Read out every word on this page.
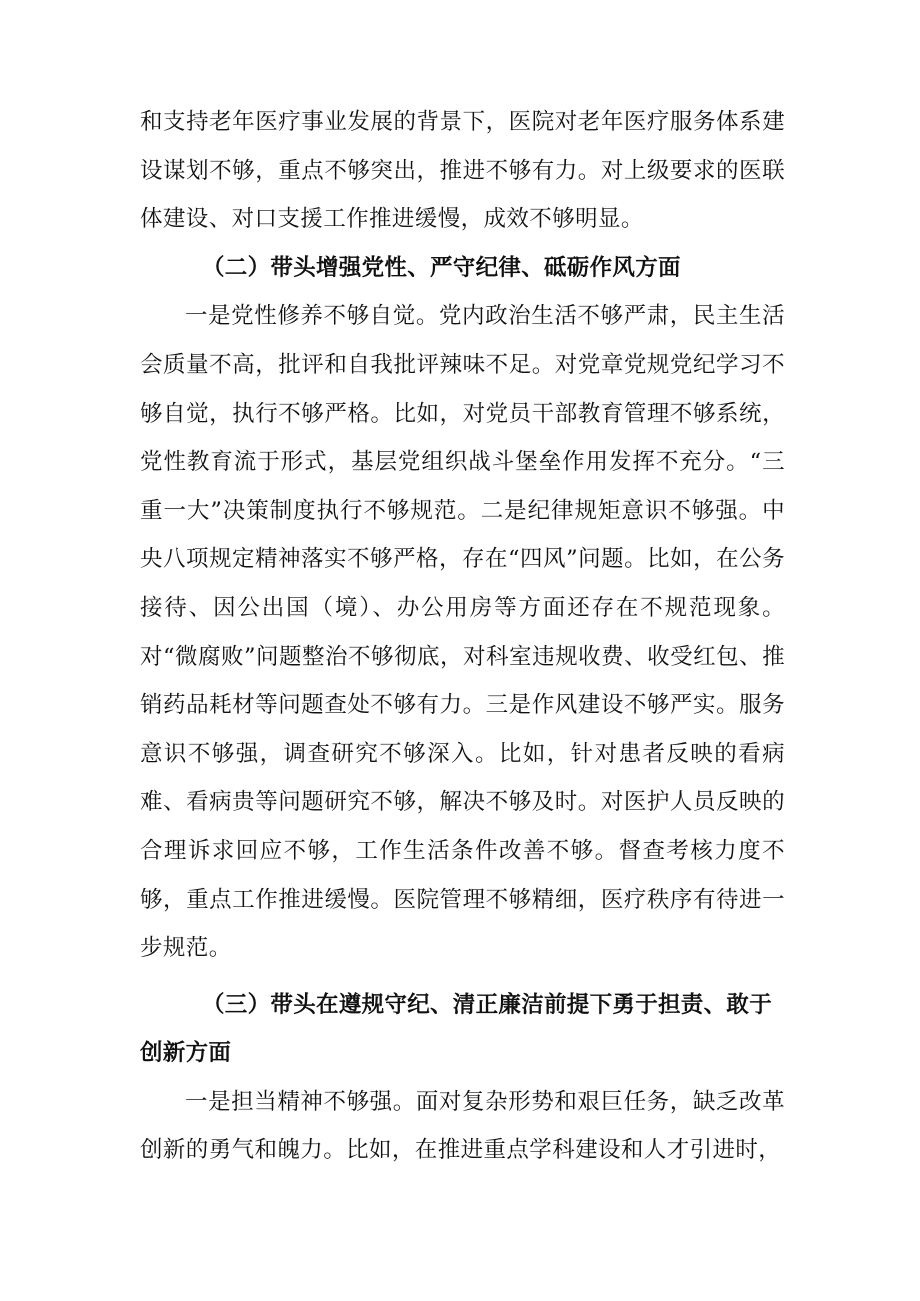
和支持老年医疗事业发展的背景下，医院对老年医疗服务体系建设谋划不够，重点不够突出，推进不够有力。对上级要求的医联体建设、对口支援工作推进缓慢，成效不够明显。

（二）带头增强党性、严守纪律、砥砺作风方面

一是党性修养不够自觉。党内政治生活不够严肃，民主生活会质量不高，批评和自我批评辣味不足。对党章党规党纪学习不够自觉，执行不够严格。比如，对党员干部教育管理不够系统，党性教育流于形式，基层党组织战斗堡垒作用发挥不充分。“三重一大”决策制度执行不够规范。二是纪律规矩意识不够强。中央八项规定精神落实不够严格，存在“四风”问题。比如，在公务接待、因公出国（境）、办公用房等方面还存在不规范现象。对“微腐败”问题整治不够彻底，对科室违规收费、收受红包、推销药品耗材等问题查处不够有力。三是作风建设不够严实。服务意识不够强，调查研究不够深入。比如，针对患者反映的看病难、看病贵等问题研究不够，解决不够及时。对医护人员反映的合理诉求回应不够，工作生活条件改善不够。督查考核力度不够，重点工作推进缓慢。医院管理不够精细，医疗秩序有待进一步规范。

（三）带头在遵规守纪、清正廉洁前提下勇于担责、敢于创新方面

一是担当精神不够强。面对复杂形势和艰巨任务，缺乏改革创新的勇气和魄力。比如，在推进重点学科建设和人才引进时，
